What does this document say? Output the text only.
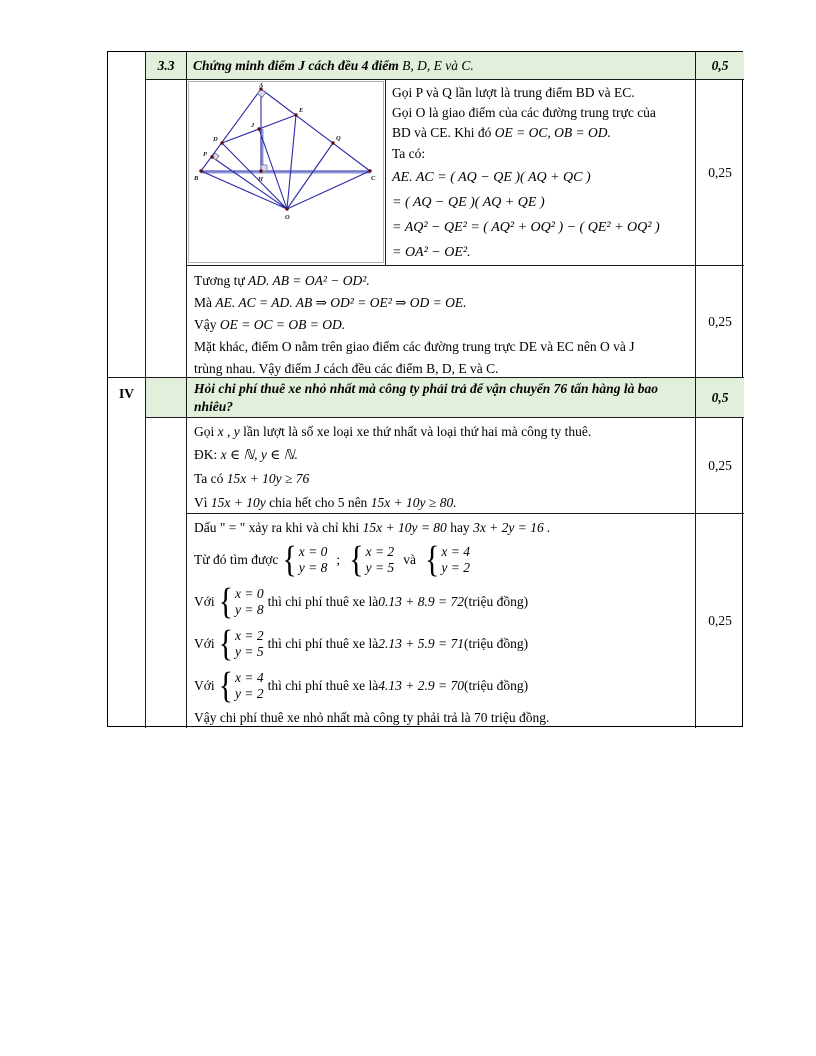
3.3	Chứng minh điểm J cách đều 4 điểm
B, D, E và C.	0,5
A
E
J
D	Q
P
B	H	C
O
Gọi P và Q lần lượt là trung điểm BD và EC.
Gọi O là giao điểm của các đường trung trực của
BD và CE. Khi đó OE = OC, OB = OD.
Ta có:
AE. AC = ( AQ − QE )( AQ + QC )
= ( AQ − QE )( AQ + QE )
= AQ² − QE² = ( AQ² + OQ² ) − ( QE² + OQ² )
= OA² − OE².
0,25
Tương tự AD. AB = OA² − OD².
Mà AE. AC = AD. AB ⇒ OD² = OE² ⇒ OD = OE.
Vậy OE = OC = OB = OD.
Mặt khác, điểm O nằm trên giao điểm các đường trung trực DE và EC nên O và J
trùng nhau. Vậy điểm J cách đều các điểm B, D, E và C.
0,25
IV	Hỏi chi phí thuê xe nhỏ nhất mà công ty phải trả để vận chuyển 76 tấn hàng là bao nhiêu?
0,5
Gọi x , y lần lượt là số xe loại xe thứ nhất và loại thứ hai mà công ty thuê.
ĐK: x ∈ ℕ, y ∈ ℕ.
Ta có 15x + 10y ≥ 76
Vì 15x + 10y chia hết cho 5 nên 15x + 10y ≥ 80.
0,25
Dấu " = " xảy ra khi và chỉ khi 15x + 10y = 80 hay 3x + 2y = 16 .
Từ đó tìm được { x = 0
y = 8
; { x = 2
y = 5
và { x = 4
y = 2
Với { x = 0
y = 8
thì chi phí thuê xe là 0.13 + 8.9 = 72 (triệu đồng)
Với { x = 2
y = 5
thì chi phí thuê xe là 2.13 + 5.9 = 71 (triệu đồng)
Với { x = 4
y = 2
thì chi phí thuê xe là 4.13 + 2.9 = 70 (triệu đồng)
Vậy chi phí thuê xe nhỏ nhất mà công ty phải trả là 70 triệu đồng.
0,25
